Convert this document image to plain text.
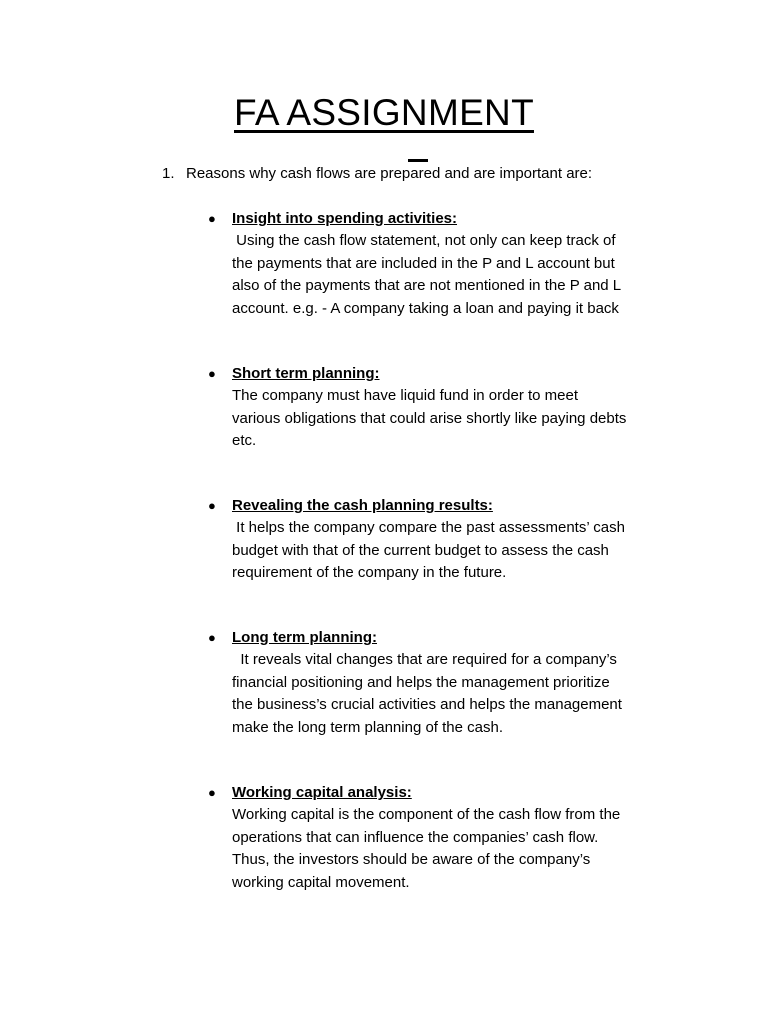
FA ASSIGNMENT
1. Reasons why cash flows are prepared and are important are:
● Insight into spending activities:
Using the cash flow statement, not only can keep track of
the payments that are included in the P and L account but
also of the payments that are not mentioned in the P and L
account. e.g. - A company taking a loan and paying it back
● Short term planning:
The company must have liquid fund in order to meet
various obligations that could arise shortly like paying debts
etc.
● Revealing the cash planning results:
It helps the company compare the past assessments’ cash
budget with that of the current budget to assess the cash
requirement of the company in the future.
● Long term planning:
It reveals vital changes that are required for a company’s
financial positioning and helps the management prioritize
the business’s crucial activities and helps the management
make the long term planning of the cash.
● Working capital analysis:
Working capital is the component of the cash flow from the
operations that can influence the companies’ cash flow.
Thus, the investors should be aware of the company’s
working capital movement.
